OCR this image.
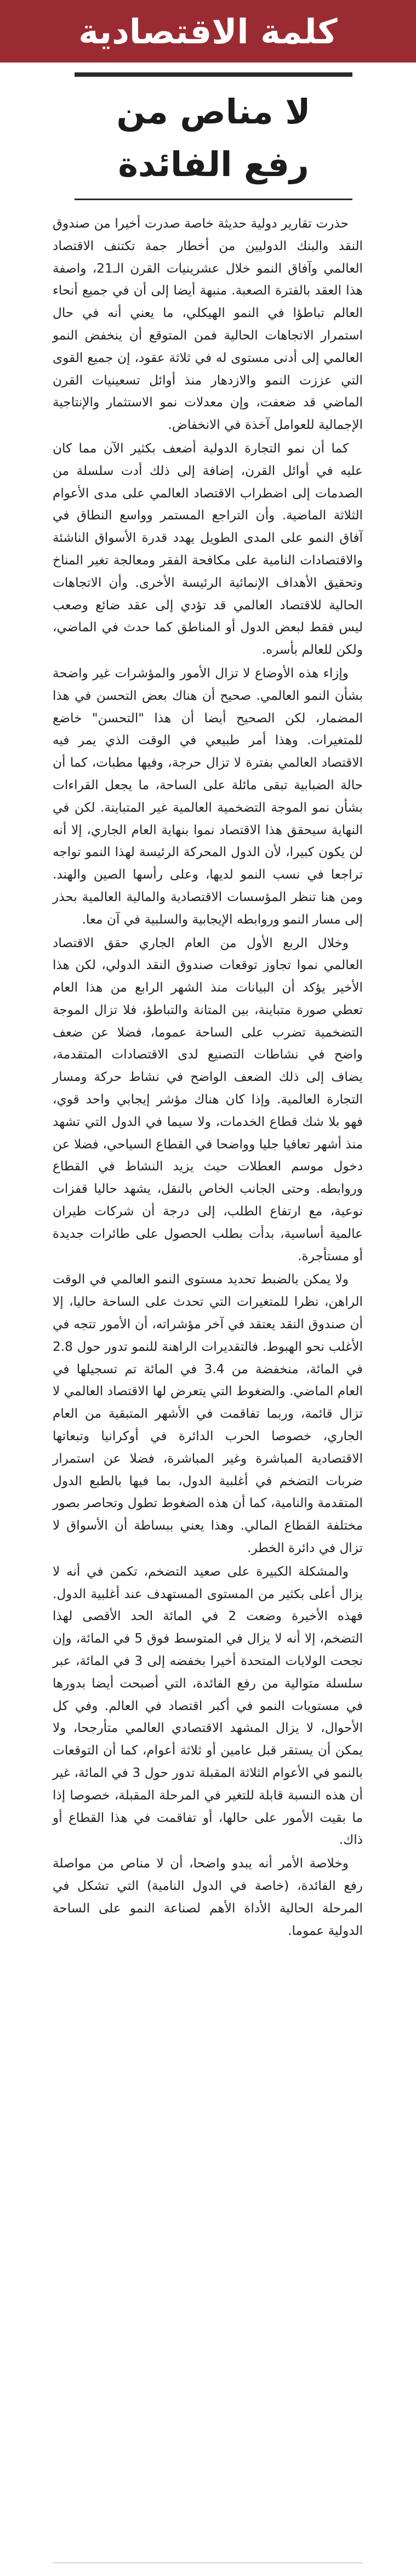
كلمة الاقتصادية
لا مناص من
رفع الفائدة

حذرت تقارير دولية حديثة خاصة صدرت أخيرا من صندوق النقد والبنك الدوليين من أخطار جمة تكتنف الاقتصاد العالمي وآفاق النمو خلال عشرينيات القرن الـ21، واصفة هذا العقد بالفترة الصعبة. منبهة أيضا إلى أن في جميع أنحاء العالم تباطؤا في النمو الهيكلي، ما يعني أنه في حال استمرار الاتجاهات الحالية فمن المتوقع أن ينخفض النمو العالمي إلى أدنى مستوى له في ثلاثة عقود، إن جميع القوى التي عززت النمو والازدهار منذ أوائل تسعينيات القرن الماضي قد ضعفت، وإن معدلات نمو الاستثمار والإنتاجية الإجمالية للعوامل آخذة في الانخفاض.

كما أن نمو التجارة الدولية أضعف بكثير الآن مما كان عليه في أوائل القرن، إضافة إلى ذلك أدت سلسلة من الصدمات إلى اضطراب الاقتصاد العالمي على مدى الأعوام الثلاثة الماضية. وأن التراجع المستمر وواسع النطاق في آفاق النمو على المدى الطويل يهدد قدرة الأسواق الناشئة والاقتصادات النامية على مكافحة الفقر ومعالجة تغير المناخ وتحقيق الأهداف الإنمائية الرئيسة الأخرى. وأن الاتجاهات الحالية للاقتصاد العالمي قد تؤدي إلى عقد ضائع وصعب ليس فقط لبعض الدول أو المناطق كما حدث في الماضي، ولكن للعالم بأسره.

وإزاء هذه الأوضاع لا تزال الأمور والمؤشرات غير واضحة بشأن النمو العالمي. صحيح أن هناك بعض التحسن في هذا المضمار، لكن الصحيح أيضا أن هذا "التحسن" خاضع للمتغيرات. وهذا أمر طبيعي في الوقت الذي يمر فيه الاقتصاد العالمي بفترة لا تزال حرجة، وفيها مطبات، كما أن حالة الضبابية تبقى مائلة على الساحة، ما يجعل القراءات بشأن نمو الموجة التضخمية العالمية غير المتباينة. لكن في النهاية سيحقق هذا الاقتصاد نموا بنهاية العام الجاري، إلا أنه لن يكون كبيرا، لأن الدول المحركة الرئيسة لهذا النمو تواجه تراجعا في نسب النمو لديها، وعلى رأسها الصين والهند. ومن هنا تنظر المؤسسات الاقتصادية والمالية العالمية بحذر إلى مسار النمو وروابطه الإيجابية والسلبية في آن معا.

وخلال الربع الأول من العام الجاري حقق الاقتصاد العالمي نموا تجاوز توقعات صندوق النقد الدولي، لكن هذا الأخير يؤكد أن البيانات منذ الشهر الرابع من هذا العام تعطي صورة متباينة، بين المتانة والتباطؤ، فلا تزال الموجة التضخمية تضرب على الساحة عموما، فضلا عن ضعف واضح في نشاطات التصنيع لدى الاقتصادات المتقدمة، يضاف إلى ذلك الضعف الواضح في نشاط حركة ومسار التجارة العالمية. وإذا كان هناك مؤشر إيجابي واحد قوي، فهو بلا شك قطاع الخدمات، ولا سيما في الدول التي تشهد منذ أشهر تعافيا جليا وواضحا في القطاع السياحي، فضلا عن دخول موسم العطلات حيث يزيد النشاط في القطاع وروابطه. وحتى الجانب الخاص بالنقل، يشهد حاليا قفزات نوعية، مع ارتفاع الطلب، إلى درجة أن شركات طيران عالمية أساسية، بدأت بطلب الحصول على طائرات جديدة أو مستأجرة.

ولا يمكن بالضبط تحديد مستوى النمو العالمي في الوقت الراهن، نظرا للمتغيرات التي تحدث على الساحة حاليا، إلا أن صندوق النقد يعتقد في آخر مؤشراته، أن الأمور تتجه في الأغلب نحو الهبوط. فالتقديرات الراهنة للنمو تدور حول 2.8 في المائة، منخفضة من 3.4 في المائة تم تسجيلها في العام الماضي. والضغوط التي يتعرض لها الاقتصاد العالمي لا تزال قائمة، وربما تفاقمت في الأشهر المتبقية من العام الجاري، خصوصا الحرب الدائرة في أوكرانيا وتبعاتها الاقتصادية المباشرة وغير المباشرة، فضلا عن استمرار ضربات التضخم في أغلبية الدول، بما فيها بالطبع الدول المتقدمة والنامية، كما أن هذه الضغوط تطول وتحاصر بصور مختلفة القطاع المالي. وهذا يعني ببساطة أن الأسواق لا تزال في دائرة الخطر.

والمشكلة الكبيرة على صعيد التضخم، تكمن في أنه لا يزال أعلى بكثير من المستوى المستهدف عند أغلبية الدول. فهذه الأخيرة وضعت 2 في المائة الحد الأقصى لهذا التضخم، إلا أنه لا يزال في المتوسط فوق 5 في المائة، وإن نجحت الولايات المتحدة أخيرا بخفضه إلى 3 في المائة، عبر سلسلة متوالية من رفع الفائدة، التي أصبحت أيضا بدورها في مستويات النمو في أكبر اقتصاد في العالم. وفي كل الأحوال، لا يزال المشهد الاقتصادي العالمي متأرجحا، ولا يمكن أن يستقر قبل عامين أو ثلاثة أعوام، كما أن التوقعات بالنمو في الأعوام الثلاثة المقبلة تدور حول 3 في المائة، غير أن هذه النسبة قابلة للتغير في المرحلة المقبلة، خصوصا إذا ما بقيت الأمور على حالها، أو تفاقمت في هذا القطاع أو ذاك.

وخلاصة الأمر أنه يبدو واضحا، أن لا مناص من مواصلة رفع الفائدة، (خاصة في الدول النامية) التي تشكل في المرحلة الحالية الأداة الأهم لصناعة النمو على الساحة الدولية عموما.
